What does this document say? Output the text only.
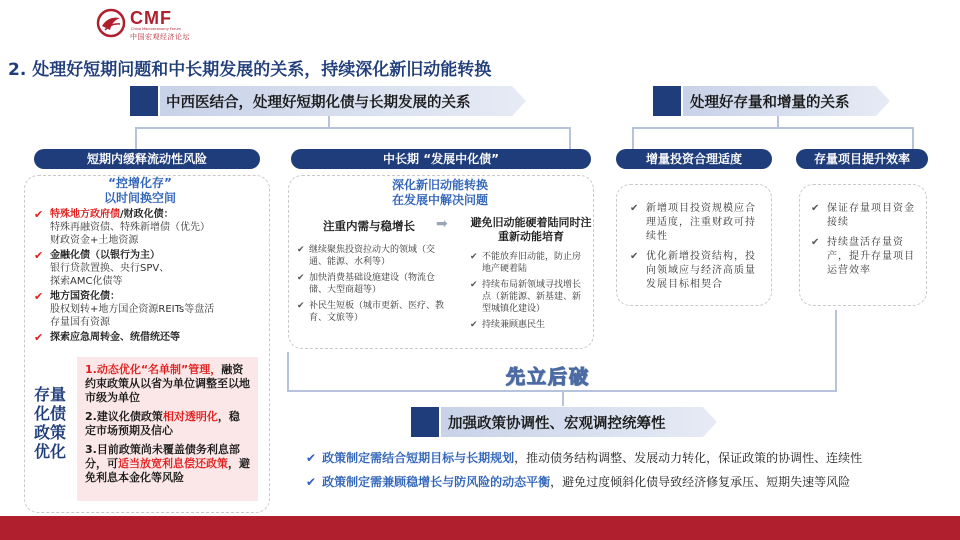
CMF
China Macroeconomy Forum
中国宏观经济论坛
2. 处理好短期问题和中长期发展的关系，持续深化新旧动能转换
中西医结合，处理好短期化债与长期发展的关系	处理好存量和增量的关系
短期内缓释流动性风险	中长期 “发展中化债”	增量投资合理适度	存量项目提升效率
“控增化存”
以时间换空间
✔ 特殊地方政府债/财政化债：
特殊再融资债、特殊新增债（优先）
财政资金+土地资源
✔ 金融化债（以银行为主）
银行贷款置换、央行SPV、
探索AMC化债等
✔ 地方国资化债：
股权划转+地方国企资源REITs等盘活
存量国有资源
✔ 探索应急周转金、统借统还等
存量
化债
政策
优化
1.动态优化“名单制”管理，融资约束政策从以省为单位调整至以地市级为单位
2.建议化债政策相对透明化，稳定市场预期及信心
3.目前政策尚未覆盖债务利息部分，可适当放宽利息偿还政策，避免利息本金化等风险
深化新旧动能转换
在发展中解决问题
注重内需与稳增长	➡ 避免旧动能硬着陆同时注重新动能培育
✔ 继续聚焦投资拉动大的领域（交通、能源、水利等）
✔ 加快消费基础设施建设（物流仓储、大型商超等）
✔ 补民生短板（城市更新、医疗、教育、文旅等）
✔ 不能放弃旧动能，防止房地产硬着陆
✔ 持续布局新领域寻找增长点（新能源、新基建、新型城镇化建设）
✔ 持续兼顾惠民生
✔ 新增项目投资规模应合理适度，注重财政可持续性
✔ 优化新增投资结构，投向领域应与经济高质量发展目标相契合
✔ 保证存量项目资金接续
✔ 持续盘活存量资产，提升存量项目运营效率
先立后破
加强政策协调性、宏观调控统筹性
✔ 政策制定需结合短期目标与长期规划，推动债务结构调整、发展动力转化，保证政策的协调性、连续性
✔ 政策制定需兼顾稳增长与防风险的动态平衡，避免过度倾斜化债导致经济修复承压、短期失速等风险
